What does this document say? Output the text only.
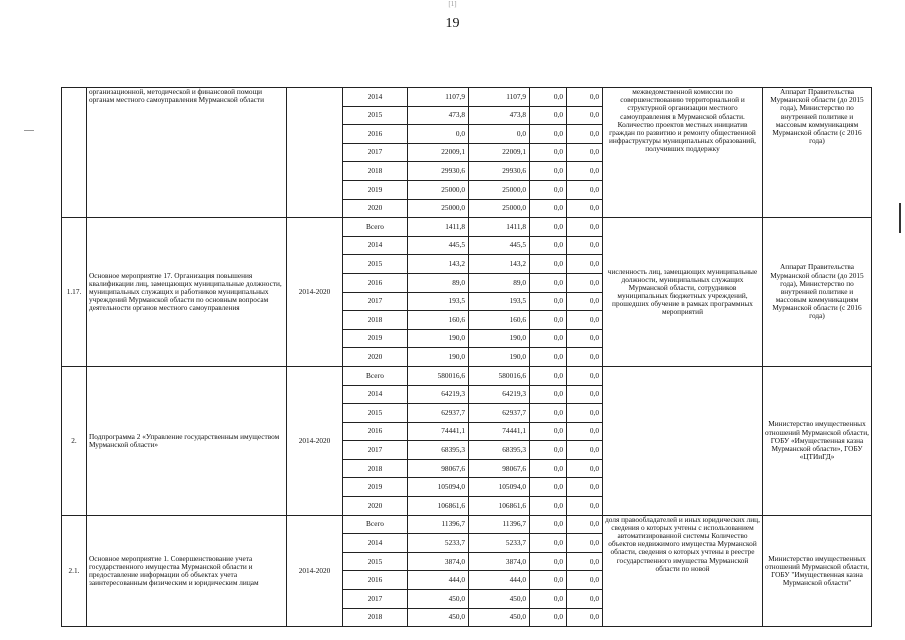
[1]
19
	организационной, методической и финансовой помощи органам местного самоуправления Мурманской области		2014	1107,9	1107,9	0,0	0,0	межведомственной комиссии по совершенствованию территориальной и структурной организации местного самоуправления в Мурманской области. Количество проектов местных инициатив граждан по развитию и ремонту общественной инфраструктуры муниципальных образований, получивших поддержку	Аппарат Правительства Мурманской области (до 2015 года), Министерство по внутренней политике и массовым коммуникациям Мурманской области (с 2016 года)
			2015	473,8	473,8	0,0	0,0		
			2016	0,0	0,0	0,0	0,0		
			2017	22009,1	22009,1	0,0	0,0		
			2018	29930,6	29930,6	0,0	0,0		
			2019	25000,0	25000,0	0,0	0,0		
			2020	25000,0	25000,0	0,0	0,0		
1.17.	Основное мероприятие 17. Организация повышения квалификации лиц, замещающих муниципальные должности, муниципальных служащих и работников муниципальных учреждений Мурманской области по основным вопросам деятельности органов местного самоуправления	2014-2020	Всего	1411,8	1411,8	0,0	0,0	численность лиц, замещающих муниципальные должности, муниципальных служащих Мурманской области, сотрудников муниципальных бюджетных учреждений, прошедших обучение в рамках программных мероприятий	Аппарат Правительства Мурманской области (до 2015 года), Министерство по внутренней политике и массовым коммуникациям Мурманской области (с 2016 года)
			2014	445,5	445,5	0,0	0,0		
			2015	143,2	143,2	0,0	0,0		
			2016	89,0	89,0	0,0	0,0		
			2017	193,5	193,5	0,0	0,0		
			2018	160,6	160,6	0,0	0,0		
			2019	190,0	190,0	0,0	0,0		
			2020	190,0	190,0	0,0	0,0		
2.	Подпрограмма 2 «Управление государственным имуществом Мурманской области»	2014-2020	Всего	580016,6	580016,6	0,0	0,0		Министерство имущественных отношений Мурманской области, ГОБУ «Имущественная казна Мурманской области», ГОБУ «ЦТИиГД»
			2014	64219,3	64219,3	0,0	0,0		
			2015	62937,7	62937,7	0,0	0,0		
			2016	74441,1	74441,1	0,0	0,0		
			2017	68395,3	68395,3	0,0	0,0		
			2018	98067,6	98067,6	0,0	0,0		
			2019	105094,0	105094,0	0,0	0,0		
			2020	106861,6	106861,6	0,0	0,0		
2.1.	Основное мероприятие 1. Совершенствование учета государственного имущества Мурманской области и предоставление информации об объектах учета заинтересованным физическим и юридическим лицам	2014-2020	Всего	11396,7	11396,7	0,0	0,0	доля правообладателей и иных юридических лиц, сведения о которых учтены с использованием автоматизированной системы Количество объектов недвижимого имущества Мурманской области, сведения о которых учтены в реестре государственного имущества Мурманской области по новой	Министерство имущественных отношений Мурманской области, ГОБУ "Имущественная казна Мурманской области"
			2014	5233,7	5233,7	0,0	0,0		
			2015	3874,0	3874,0	0,0	0,0		
			2016	444,0	444,0	0,0	0,0		
			2017	450,0	450,0	0,0	0,0		
			2018	450,0	450,0	0,0	0,0		
